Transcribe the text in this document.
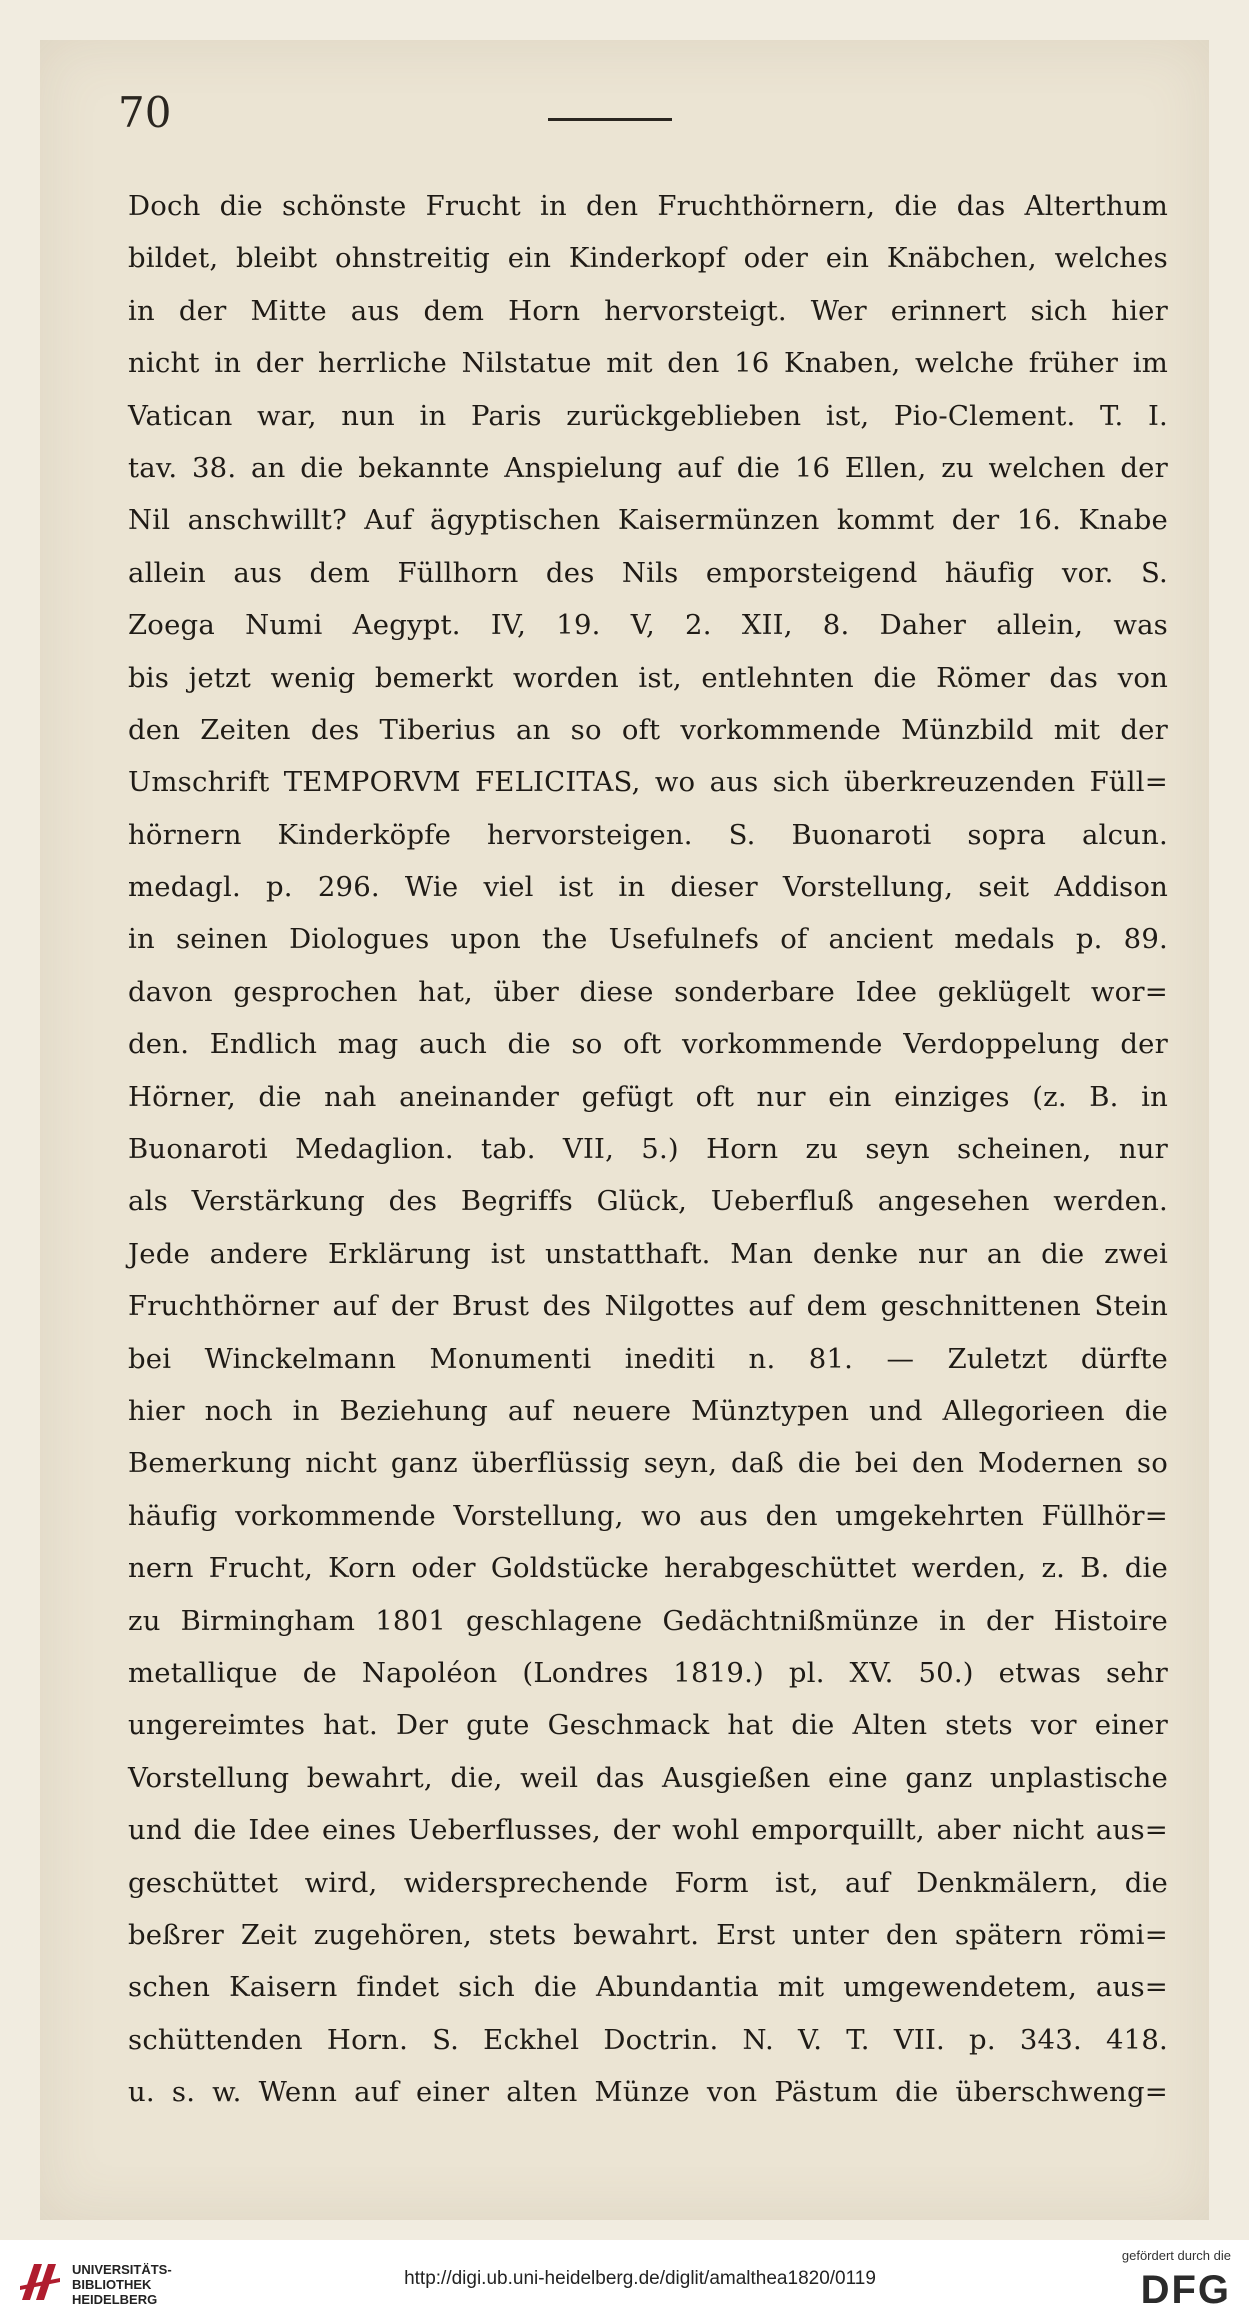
70
Doch die schönste Frucht in den Fruchthörnern, die das Alterthum
bildet, bleibt ohnstreitig ein Kinderkopf oder ein Knäbchen, welches
in der Mitte aus dem Horn hervorsteigt. Wer erinnert sich hier
nicht in der herrliche Nilstatue mit den 16 Knaben, welche früher im
Vatican war, nun in Paris zurückgeblieben ist, Pio-Clement. T. I.
tav. 38. an die bekannte Anspielung auf die 16 Ellen, zu welchen der
Nil anschwillt? Auf ägyptischen Kaisermünzen kommt der 16. Knabe
allein aus dem Füllhorn des Nils emporsteigend häufig vor. S.
Zoega Numi Aegypt. IV, 19. V, 2. XII, 8. Daher allein, was
bis jetzt wenig bemerkt worden ist, entlehnten die Römer das von
den Zeiten des Tiberius an so oft vorkommende Münzbild mit der
Umschrift TEMPORVM FELICITAS, wo aus sich überkreuzenden Füll=
hörnern Kinderköpfe hervorsteigen. S. Buonaroti sopra alcun.
medagl. p. 296. Wie viel ist in dieser Vorstellung, seit Addison
in seinen Diologues upon the Usefulnefs of ancient medals p. 89.
davon gesprochen hat, über diese sonderbare Idee geklügelt wor=
den. Endlich mag auch die so oft vorkommende Verdoppelung der
Hörner, die nah aneinander gefügt oft nur ein einziges (z. B. in
Buonaroti Medaglion. tab. VII, 5.) Horn zu seyn scheinen, nur
als Verstärkung des Begriffs Glück, Ueberfluß angesehen werden.
Jede andere Erklärung ist unstatthaft. Man denke nur an die zwei
Fruchthörner auf der Brust des Nilgottes auf dem geschnittenen Stein
bei Winckelmann Monumenti inediti n. 81. — Zuletzt dürfte
hier noch in Beziehung auf neuere Münztypen und Allegorieen die
Bemerkung nicht ganz überflüssig seyn, daß die bei den Modernen so
häufig vorkommende Vorstellung, wo aus den umgekehrten Füllhör=
nern Frucht, Korn oder Goldstücke herabgeschüttet werden, z. B. die
zu Birmingham 1801 geschlagene Gedächtnißmünze in der Histoire
metallique de Napoléon (Londres 1819.) pl. XV. 50.) etwas sehr
ungereimtes hat. Der gute Geschmack hat die Alten stets vor einer
Vorstellung bewahrt, die, weil das Ausgießen eine ganz unplastische
und die Idee eines Ueberflusses, der wohl emporquillt, aber nicht aus=
geschüttet wird, widersprechende Form ist, auf Denkmälern, die
beßrer Zeit zugehören, stets bewahrt. Erst unter den spätern römi=
schen Kaisern findet sich die Abundantia mit umgewendetem, aus=
schüttenden Horn. S. Eckhel Doctrin. N. V. T. VII. p. 343. 418.
u. s. w. Wenn auf einer alten Münze von Pästum die überschweng=
UNIVERSITÄTS-
BIBLIOTHEK
HEIDELBERG
http://digi.ub.uni-heidelberg.de/diglit/amalthea1820/0119
gefördert durch die
DFG
